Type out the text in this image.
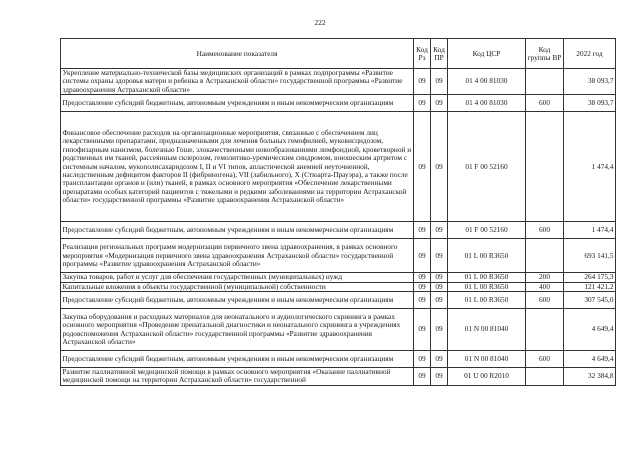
222
Наименование показателя	Код Рз	Код ПР	Код ЦСР	Код группы ВР	2022 год
Укрепление материально-технической базы медицинских организаций в рамках подпрограммы «Развитие системы охраны здоровья матери и ребенка в Астраханской области» государственной программы «Развитие здравоохранения Астраханской области»	09	09	01 4 00 81030		38 093,7
Предоставление субсидий бюджетным, автономным учреждениям и иным некоммерческим организациям	09	09	01 4 00 81030	600	38 093,7
Финансовое обеспечение расходов на организационные мероприятия, связанные с обеспечением лиц лекарственными препаратами, предназначенными для лечения больных гемофилией, муковисцидозом, гипофизарным нанизмом, болезнью Гоше, злокачественными новообразованиями лимфоидной, кроветворной и родственных им тканей, рассеянным склерозом, гемолитико-уремическим синдромом, юношеским артритом с системным началом, мукополисахаридозом I, II и VI типов, апластической анемией неуточненной, наследственным дефицитом факторов II (фибриногена), VII (лабильного), X (Стюарта-Прауэра), а также после трансплантации органов и (или) тканей, в рамках основного мероприятия «Обеспечение лекарственными препаратами особых категорий пациентов с тяжелыми и редкими заболеваниями на территории Астраханской области» государственной программы «Развитие здравоохранения Астраханской области»	09	09	01 F 00 52160		1 474,4
Предоставление субсидий бюджетным, автономным учреждениям и иным некоммерческим организациям	09	09	01 F 00 52160	600	1 474,4
Реализация региональных программ модернизации первичного звена здравоохранения, в рамках основного мероприятия «Модернизация первичного звена здравоохранения Астраханской области» государственной программы «Развитие здравоохранения Астраханской области»	09	09	01 L 00 R3650		693 141,5
Закупка товаров, работ и услуг для обеспечения государственных (муниципальных) нужд	09	09	01 L 00 R3650	200	264 175,3
Капитальные вложения в объекты государственной (муниципальной) собственности	09	09	01 L 00 R3650	400	121 421,2
Предоставление субсидий бюджетным, автономным учреждениям и иным некоммерческим организациям	09	09	01 L 00 R3650	600	307 545,0
Закупка оборудования и расходных материалов для неонатального и аудиологического скрининга в рамках основного мероприятия «Проведение пренатальной диагностики и неонатального скрининга в учреждениях родовспоможения Астраханской области» государственной программы «Развитие здравоохранения Астраханской области»	09	09	01 N 00 81040		4 649,4
Предоставление субсидий бюджетным, автономным учреждениям и иным некоммерческим организациям	09	09	01 N 00 81040	600	4 649,4
Развитие паллиативной медицинской помощи в рамках основного мероприятия «Оказание паллиативной медицинской помощи на территории Астраханской области» государственной	09	09	01 U 00 R2010		32 384,8
